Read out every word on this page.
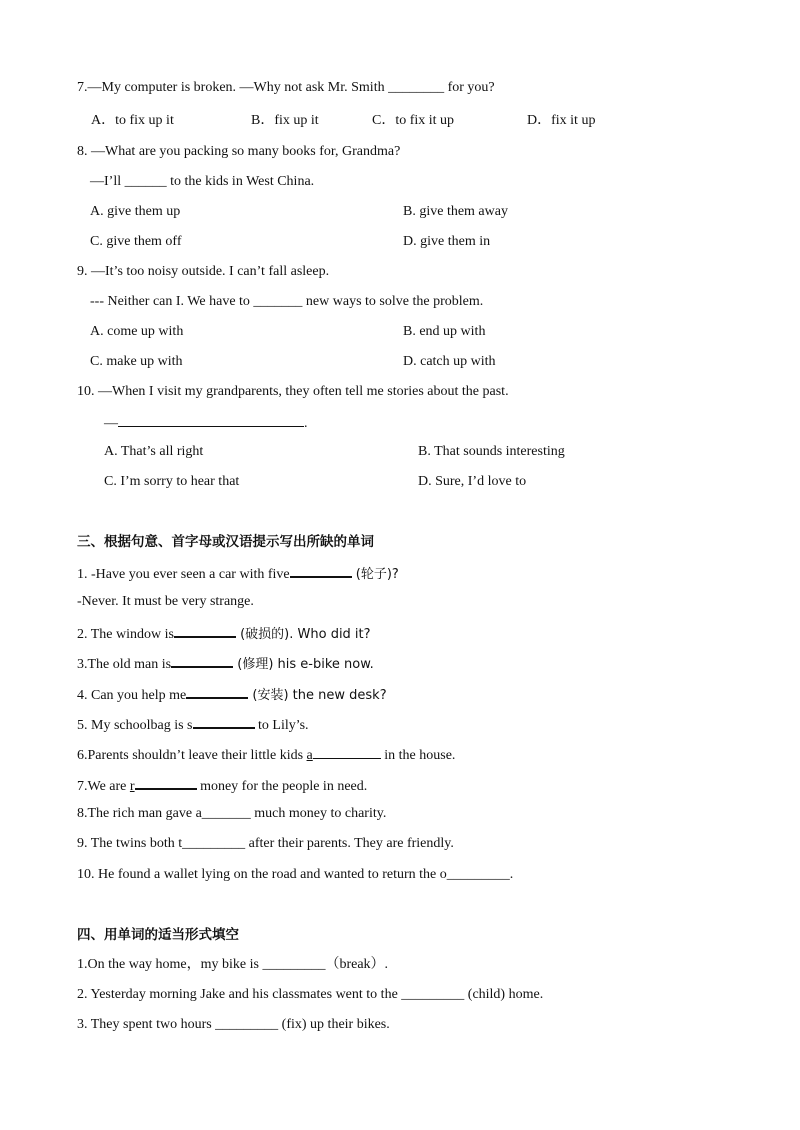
7.—My computer is broken. —Why not ask Mr. Smith ________ for you?
A．to fix up it	B．fix up it	C．to fix it up	D．fix it up
8. —What are you packing so many books for, Grandma?
—I’ll ______ to the kids in West China.
A. give them up	B. give them away
C. give them off	D. give them in
9. —It’s too noisy outside. I can’t fall asleep.
--- Neither can I. We have to _______ new ways to solve the problem.
A. come up with	B. end up with
C. make up with	D. catch up with
10. —When I visit my grandparents, they often tell me stories about the past.
—	.
A. That’s all right	B. That sounds interesting
C. I’m sorry to hear that	D. Sure, I’d love to
三、根据句意、首字母或汉语提示写出所缺的单词
1. -Have you ever seen a car with five	(轮子)?
-Never. It must be very strange.
2. The window is	(破损的). Who did it?
3.The old man is	(修理) his e-bike now.
4. Can you help me	(安装) the new desk?
5. My schoolbag is s	to Lily’s.
6.Parents shouldn’t leave their little kids a	in the house.
7.We are r	money for the people in need.
8.The rich man gave a_______ much money to charity.
9. The twins both t_________ after their parents. They are friendly.
10. He found a wallet lying on the road and wanted to return the o_________.
四、用单词的适当形式填空
1.On the way home，my bike is _________（break）.
2. Yesterday morning Jake and his classmates went to the _________ (child) home.
3. They spent two hours _________ (fix) up their bikes.
